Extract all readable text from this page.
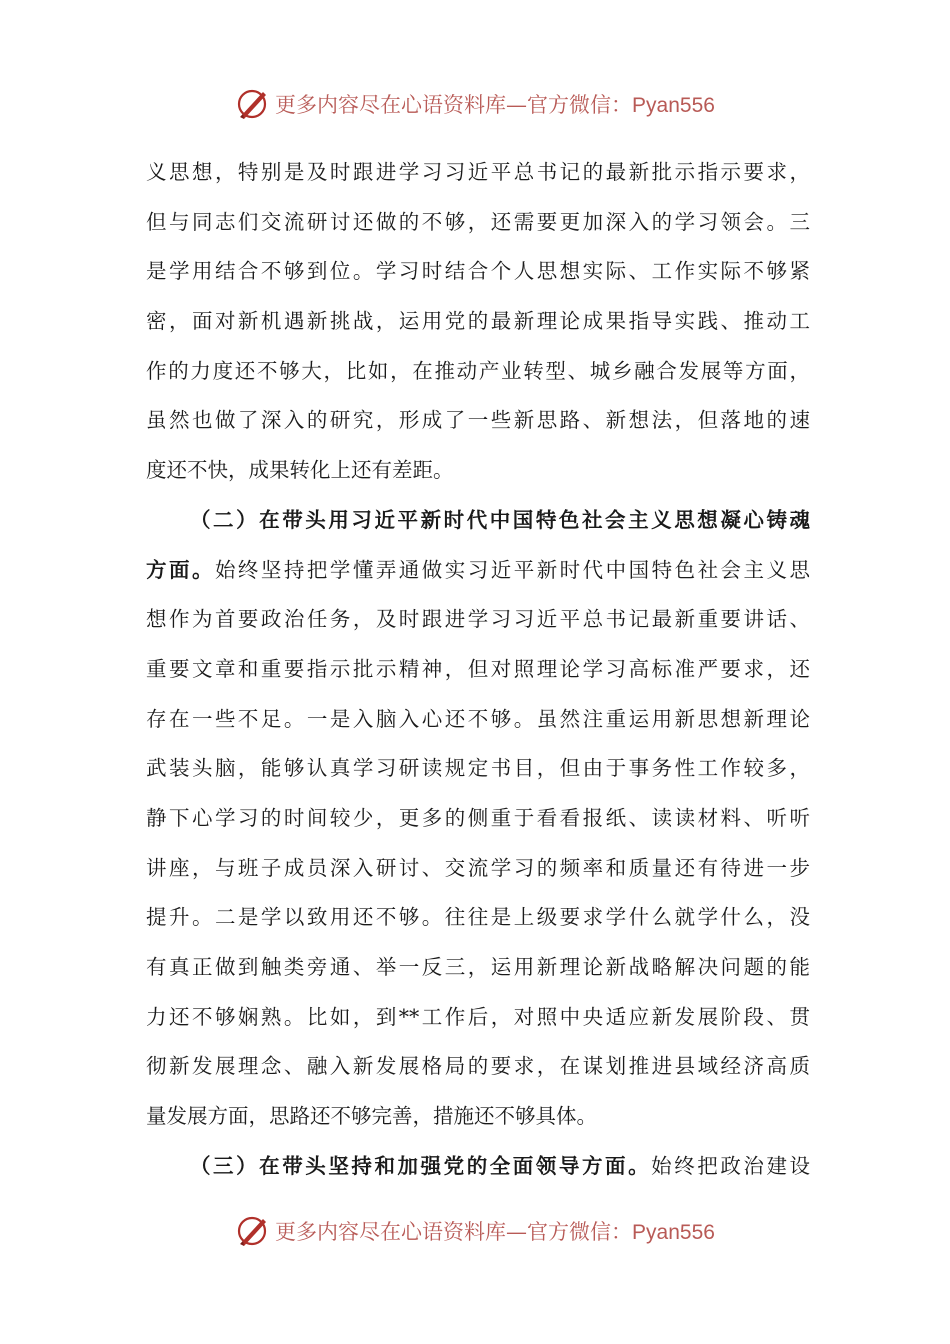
更多内容尽在心语资料库—官方微信：Pyan556
义思想，特别是及时跟进学习习近平总书记的最新批示指示要求，
但与同志们交流研讨还做的不够，还需要更加深入的学习领会。三
是学用结合不够到位。学习时结合个人思想实际、工作实际不够紧
密，面对新机遇新挑战，运用党的最新理论成果指导实践、推动工
作的力度还不够大，比如，在推动产业转型、城乡融合发展等方面，
虽然也做了深入的研究，形成了一些新思路、新想法，但落地的速
度还不快，成果转化上还有差距。
（二）在带头用习近平新时代中国特色社会主义思想凝心铸魂
方面。始终坚持把学懂弄通做实习近平新时代中国特色社会主义思
想作为首要政治任务，及时跟进学习习近平总书记最新重要讲话、
重要文章和重要指示批示精神，但对照理论学习高标准严要求，还
存在一些不足。一是入脑入心还不够。虽然注重运用新思想新理论
武装头脑，能够认真学习研读规定书目，但由于事务性工作较多，
静下心学习的时间较少，更多的侧重于看看报纸、读读材料、听听
讲座，与班子成员深入研讨、交流学习的频率和质量还有待进一步
提升。二是学以致用还不够。往往是上级要求学什么就学什么，没
有真正做到触类旁通、举一反三，运用新理论新战略解决问题的能
力还不够娴熟。比如，到**工作后，对照中央适应新发展阶段、贯
彻新发展理念、融入新发展格局的要求，在谋划推进县域经济高质
量发展方面，思路还不够完善，措施还不够具体。
（三）在带头坚持和加强党的全面领导方面。始终把政治建设
更多内容尽在心语资料库—官方微信：Pyan556
